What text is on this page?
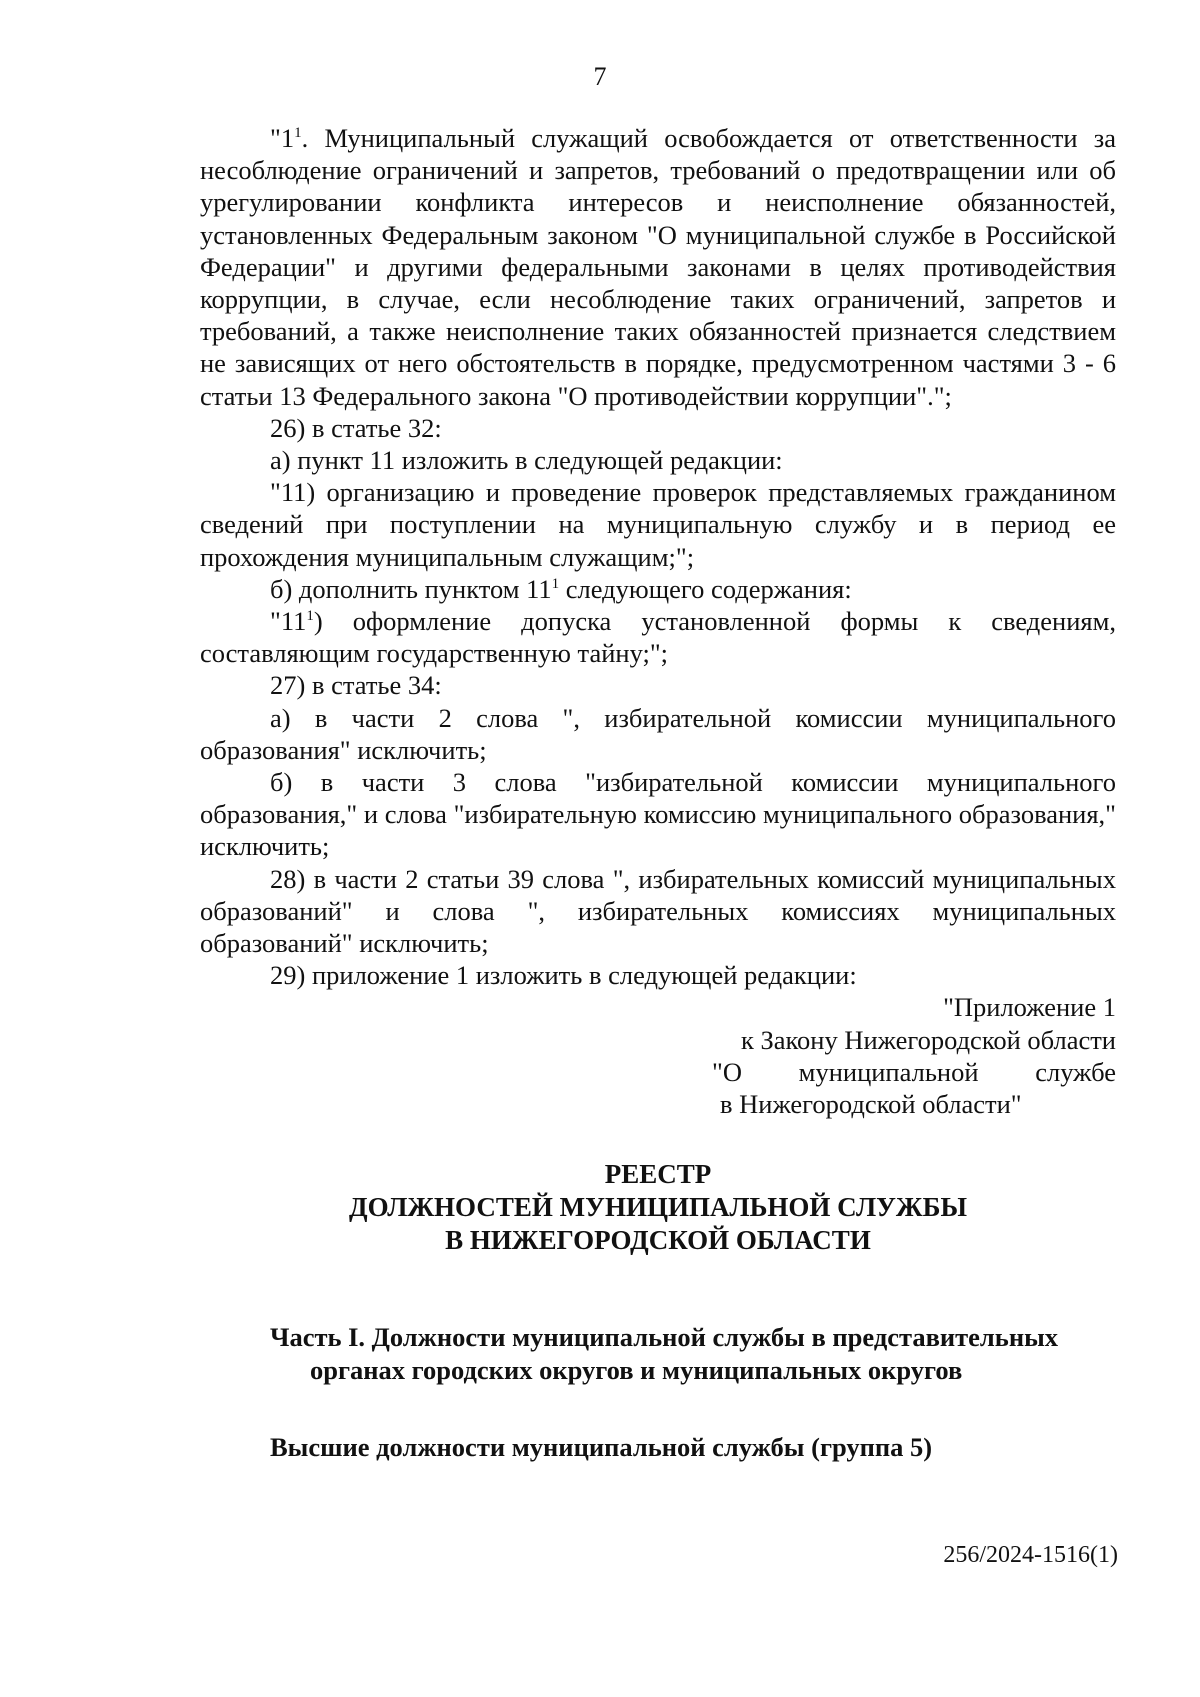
7

"$1^1$. Муниципальный служащий освобождается от ответственности за несоблюдение ограничений и запретов, требований о предотвращении или об урегулировании конфликта интересов и неисполнение обязанностей, установленных Федеральным законом "О муниципальной службе в Российской Федерации" и другими федеральными законами в целях противодействия коррупции, в случае, если несоблюдение таких ограничений, запретов и требований, а также неисполнение таких обязанностей признается следствием не зависящих от него обстоятельств в порядке, предусмотренном частями 3 - 6 статьи 13 Федерального закона "О противодействии коррупции".";

26) в статье 32:

а) пункт 11 изложить в следующей редакции:

"11) организацию и проведение проверок представляемых гражданином сведений при поступлении на муниципальную службу и в период ее прохождения муниципальным служащим;";

б) дополнить пунктом $11^1$ следующего содержания:

"$11^1$) оформление допуска установленной формы к сведениям, составляющим государственную тайну;";

27) в статье 34:

а) в части 2 слова ", избирательной комиссии муниципального образования" исключить;

б) в части 3 слова "избирательной комиссии муниципального образования," и слова "избирательную комиссию муниципального образования," исключить;

28) в части 2 статьи 39 слова ", избирательных комиссий муниципальных образований" и слова ", избирательных комиссиях муниципальных образований" исключить;

29) приложение 1 изложить в следующей редакции:

"Приложение 1
к Закону Нижегородской области
"О муниципальной службе
в Нижегородской области"
РЕЕСТР
ДОЛЖНОСТЕЙ МУНИЦИПАЛЬНОЙ СЛУЖБЫ
В НИЖЕГОРОДСКОЙ ОБЛАСТИ
Часть I. Должности муниципальной службы в представительных
органах городских округов и муниципальных округов
Высшие должности муниципальной службы (группа 5)
256/2024-1516(1)
